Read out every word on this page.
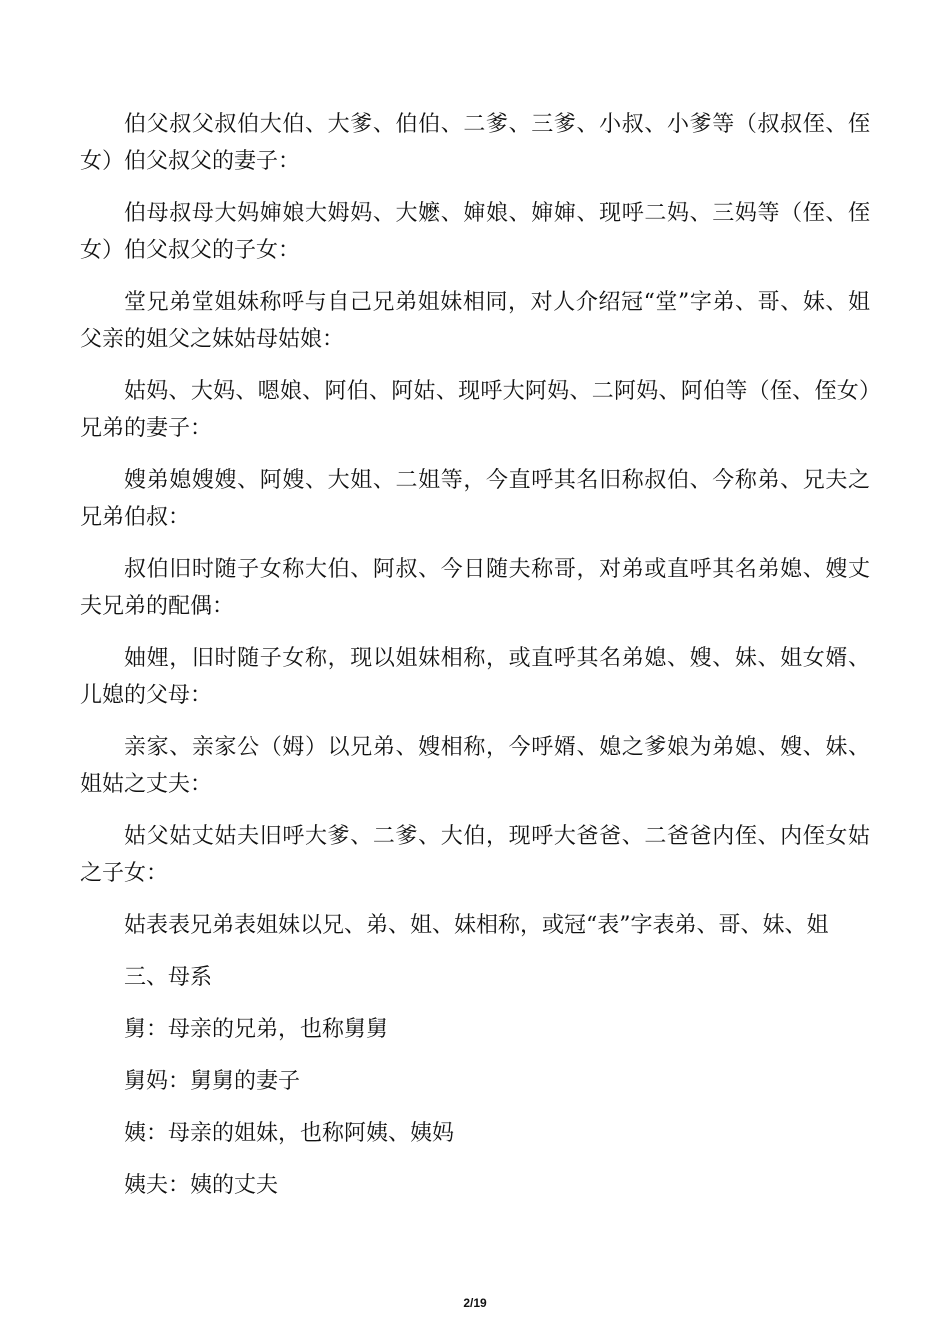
伯父叔父叔伯大伯、大爹、伯伯、二爹、三爹、小叔、小爹等（叔叔侄、侄女）伯父叔父的妻子：

伯母叔母大妈婶娘大姆妈、大嬷、婶娘、婶婶、现呼二妈、三妈等（侄、侄女）伯父叔父的子女：

堂兄弟堂姐妹称呼与自己兄弟姐妹相同，对人介绍冠“堂”字弟、哥、妹、姐父亲的姐父之妹姑母姑娘：

姑妈、大妈、嗯娘、阿伯、阿姑、现呼大阿妈、二阿妈、阿伯等（侄、侄女）兄弟的妻子：

嫂弟媳嫂嫂、阿嫂、大姐、二姐等，今直呼其名旧称叔伯、今称弟、兄夫之兄弟伯叔：

叔伯旧时随子女称大伯、阿叔、今日随夫称哥，对弟或直呼其名弟媳、嫂丈夫兄弟的配偶：

妯娌，旧时随子女称，现以姐妹相称，或直呼其名弟媳、嫂、妹、姐女婿、儿媳的父母：

亲家、亲家公（姆）以兄弟、嫂相称，今呼婿、媳之爹娘为弟媳、嫂、妹、姐姑之丈夫：

姑父姑丈姑夫旧呼大爹、二爹、大伯，现呼大爸爸、二爸爸内侄、内侄女姑之子女：

姑表表兄弟表姐妹以兄、弟、姐、妹相称，或冠“表”字表弟、哥、妹、姐

三、母系

舅：母亲的兄弟，也称舅舅

舅妈：舅舅的妻子

姨：母亲的姐妹，也称阿姨、姨妈

姨夫：姨的丈夫

2/19
